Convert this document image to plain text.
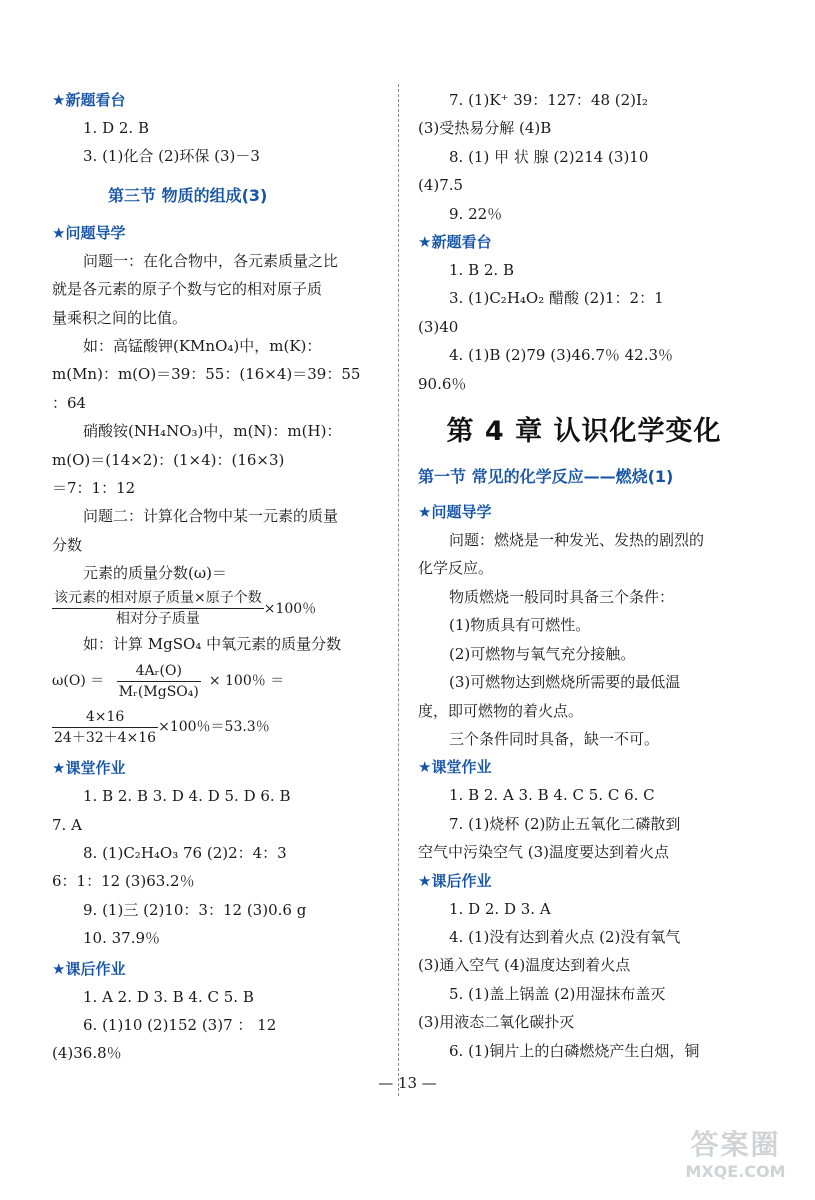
★新题看台
1. D 2. B
3. (1)化合 (2)环保 (3)－3
第三节 物质的组成(3)
★问题导学
问题一：在化合物中，各元素质量之比
就是各元素的原子个数与它的相对原子质
量乘积之间的比值。
如：高锰酸钾(KMnO₄)中，m(K)：
m(Mn)：m(O)＝39：55：(16×4)＝39：55
：64
硝酸铵(NH₄NO₃)中，m(N)：m(H)：
m(O)＝(14×2)：(1×4)：(16×3)
＝7：1：12
问题二：计算化合物中某一元素的质量
分数
元素的质量分数(ω)＝
$\frac{\text{该元素的相对原子质量×原子个数}}{\text{相对分子质量}} \times 100$％
如：计算 MgSO₄ 中氧元素的质量分数
$\omega(O) = \frac{\text{4Aᵣ(O)}}{\text{Mᵣ(MgSO₄)}} \times 100$％ ＝
$\frac{4\times 16}{24+32+4\times 16} \times 100$％＝53.3％
★课堂作业
1. B 2. B 3. D 4. D 5. D 6. B
7. A
8. (1)C₂H₄O₃ 76 (2)2：4：3
6：1：12 (3)63.2％
9. (1)三 (2)10：3：12 (3)0.6 g
10. 37.9％
★课后作业
1. A 2. D 3. B 4. C 5. B
6. (1)10 (2)152 (3)7 ： 12
(4)36.8％
7. (1)K⁺ 39：127：48 (2)I₂
(3)受热易分解 (4)B
8. (1) 甲 状 腺 (2)214 (3)10
(4)7.5
9. 22％
★新题看台
1. B 2. B
3. (1)C₂H₄O₂ 醋酸 (2)1：2：1
(3)40
4. (1)B (2)79 (3)46.7％ 42.3％
90.6％
第 4 章 认识化学变化
第一节 常见的化学反应——燃烧(1)
★问题导学
问题：燃烧是一种发光、发热的剧烈的
化学反应。
物质燃烧一般同时具备三个条件：
(1)物质具有可燃性。
(2)可燃物与氧气充分接触。
(3)可燃物达到燃烧所需要的最低温
度，即可燃物的着火点。
三个条件同时具备，缺一不可。
★课堂作业
1. B 2. A 3. B 4. C 5. C 6. C
7. (1)烧杯 (2)防止五氧化二磷散到
空气中污染空气 (3)温度要达到着火点
★课后作业
1. D 2. D 3. A
4. (1)没有达到着火点 (2)没有氧气
(3)通入空气 (4)温度达到着火点
5. (1)盖上锅盖 (2)用湿抹布盖灭
(3)用液态二氧化碳扑灭
6. (1)铜片上的白磷燃烧产生白烟，铜
— 13 —
答案圈
MXQE.COM
